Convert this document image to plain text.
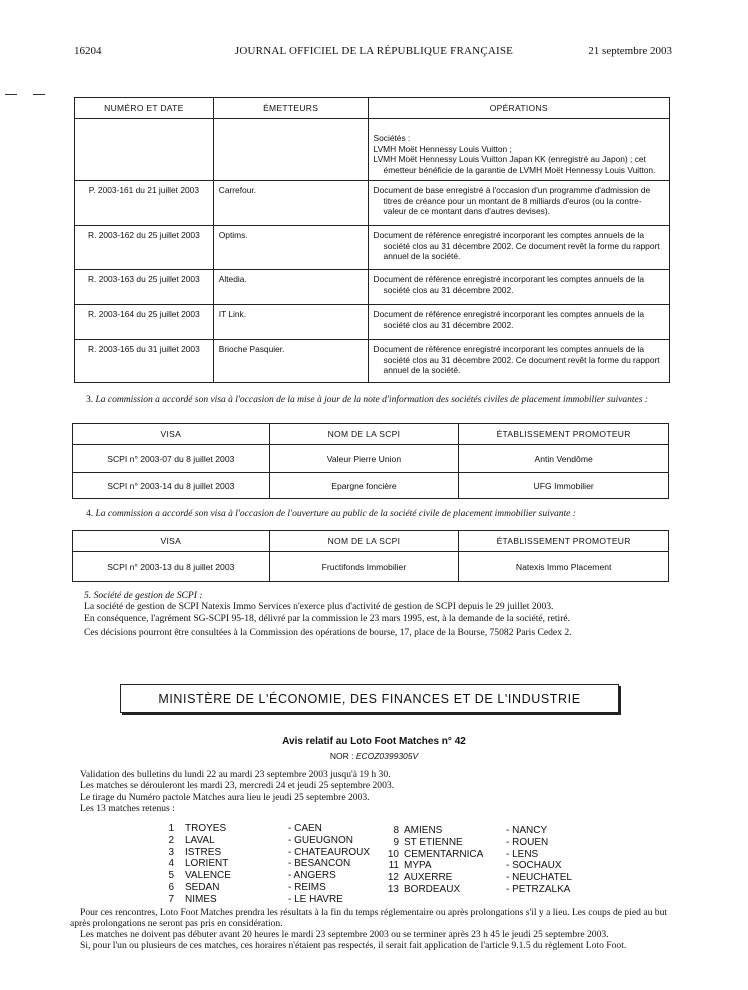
16204	JOURNAL OFFICIEL DE LA RÉPUBLIQUE FRANÇAISE	21 septembre 2003
NUMÉRO ET DATE	ÉMETTEURS	OPÉRATIONS

		Sociétés :
LVMH Moët Hennessy Louis Vuitton ;
LVMH Moët Hennessy Louis Vuitton Japan KK (enregistré au Japon) ; cet émetteur bénéficie de la garantie de LVMH Moët Hennessy Louis Vuitton.

P. 2003-161 du 21 juillet 2003	Carrefour.	Document de base enregistré à l'occasion d'un programme d'admission de titres de créance pour un montant de 8 milliards d'euros (ou la contre-valeur de ce montant dans d'autres devises).
R. 2003-162 du 25 juillet 2003	Optims.	Document de référence enregistré incorporant les comptes annuels de la société clos au 31 décembre 2002. Ce document revêt la forme du rapport annuel de la société.
R. 2003-163 du 25 juillet 2003	Altedia.	Document de référence enregistré incorporant les comptes annuels de la société clos au 31 décembre 2002.
R. 2003-164 du 25 juillet 2003	IT Link.	Document de référence enregistré incorporant les comptes annuels de la société clos au 31 décembre 2002.
R. 2003-165 du 31 juillet 2003	Brioche Pasquier.	Document de référence enregistré incorporant les comptes annuels de la société clos au 31 décembre 2002. Ce document revêt la forme du rapport annuel de la société.
3. La commission a accordé son visa à l'occasion de la mise à jour de la note d'information des sociétés civiles de placement immobilier suivantes :
VISA	NOM DE LA SCPI	ÉTABLISSEMENT PROMOTEUR
SCPI n° 2003-07 du 8 juillet 2003	Valeur Pierre Union	Antin Vendôme
SCPI n° 2003-14 du 8 juillet 2003	Epargne foncière	UFG Immobilier
4. La commission a accordé son visa à l'occasion de l'ouverture au public de la société civile de placement immobilier suivante :
VISA	NOM DE LA SCPI	ÉTABLISSEMENT PROMOTEUR
SCPI n° 2003-13 du 8 juillet 2003	Fructifonds Immobilier	Natexis Immo Placement
5. Société de gestion de SCPI :
La société de gestion de SCPI Natexis Immo Services n'exerce plus d'activité de gestion de SCPI depuis le 29 juillet 2003.
En conséquence, l'agrément SG-SCPI 95-18, délivré par la commission le 23 mars 1995, est, à la demande de la société, retiré.
Ces décisions pourront être consultées à la Commission des opérations de bourse, 17, place de la Bourse, 75082 Paris Cedex 2.
MINISTÈRE DE L'ÉCONOMIE, DES FINANCES ET DE L'INDUSTRIE
Avis relatif au Loto Foot Matches n° 42
NOR : ECOZ0399305V
Validation des bulletins du lundi 22 au mardi 23 septembre 2003 jusqu'à 19 h 30.
Les matches se dérouleront les mardi 23, mercredi 24 et jeudi 25 septembre 2003.
Le tirage du Numéro pactole Matches aura lieu le jeudi 25 septembre 2003.
Les 13 matches retenus :
1 TROYES	- CAEN
2 LAVAL	- GUEUGNON
3 ISTRES	- CHATEAUROUX
4 LORIENT	- BESANCON
5 VALENCE	- ANGERS
6 SEDAN	- REIMS
7 NIMES	- LE HAVRE
8 AMIENS	- NANCY
9 ST ETIENNE	- ROUEN
10 CEMENTARNICA - LENS
11 MYPA	- SOCHAUX
12 AUXERRE	- NEUCHATEL
13 BORDEAUX	- PETRZALKA
Pour ces rencontres, Loto Foot Matches prendra les résultats à la fin du temps réglementaire ou après prolongations s'il y a lieu. Les coups de pied au but après prolongations ne seront pas pris en considération.
Les matches ne doivent pas débuter avant 20 heures le mardi 23 septembre 2003 ou se terminer après 23 h 45 le jeudi 25 septembre 2003.
Si, pour l'un ou plusieurs de ces matches, ces horaires n'étaient pas respectés, il serait fait application de l'article 9.1.5 du règlement Loto Foot.
